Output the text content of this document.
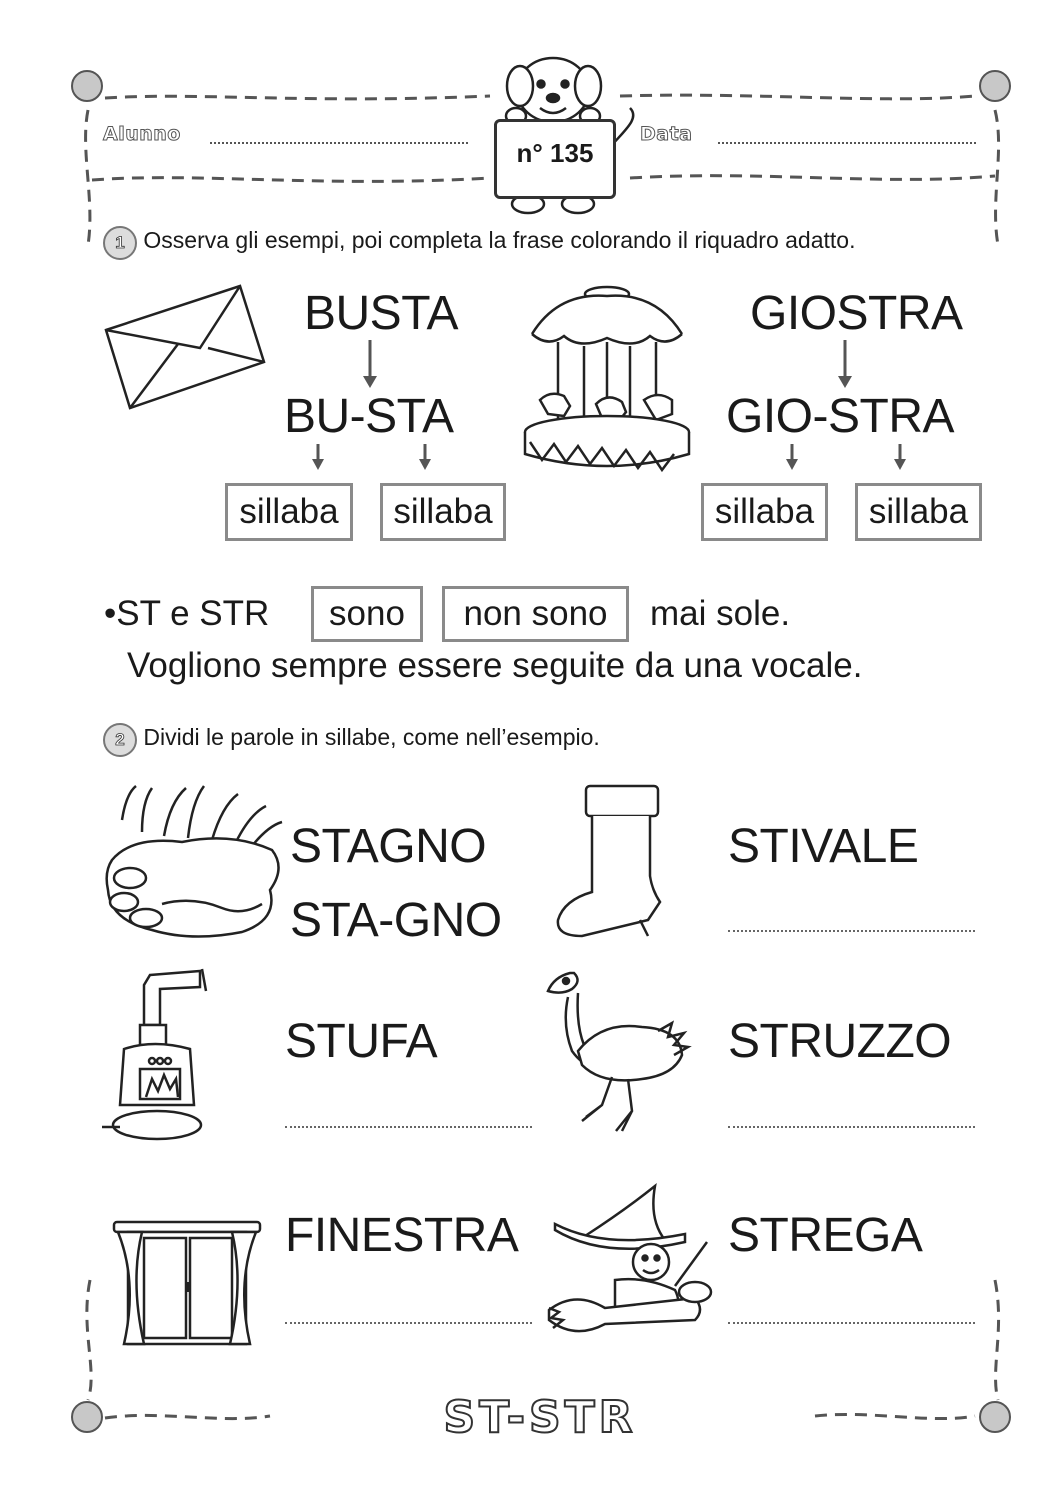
Alunno
n° 135
Data
1 Osserva gli esempi, poi completa la frase colorando il riquadro adatto.
BUSTA
BU-STA
sillaba	sillaba
GIOSTRA
GIO-STRA
sillaba	sillaba
•ST e STR	sono	non sono	mai sole.
Vogliono sempre essere seguite da una vocale.
2 Dividi le parole in sillabe, come nell’esempio.
STAGNO
STA-GNO
STIVALE
STUFA	STRUZZO
FINESTRA	STREGA
ST-STR
